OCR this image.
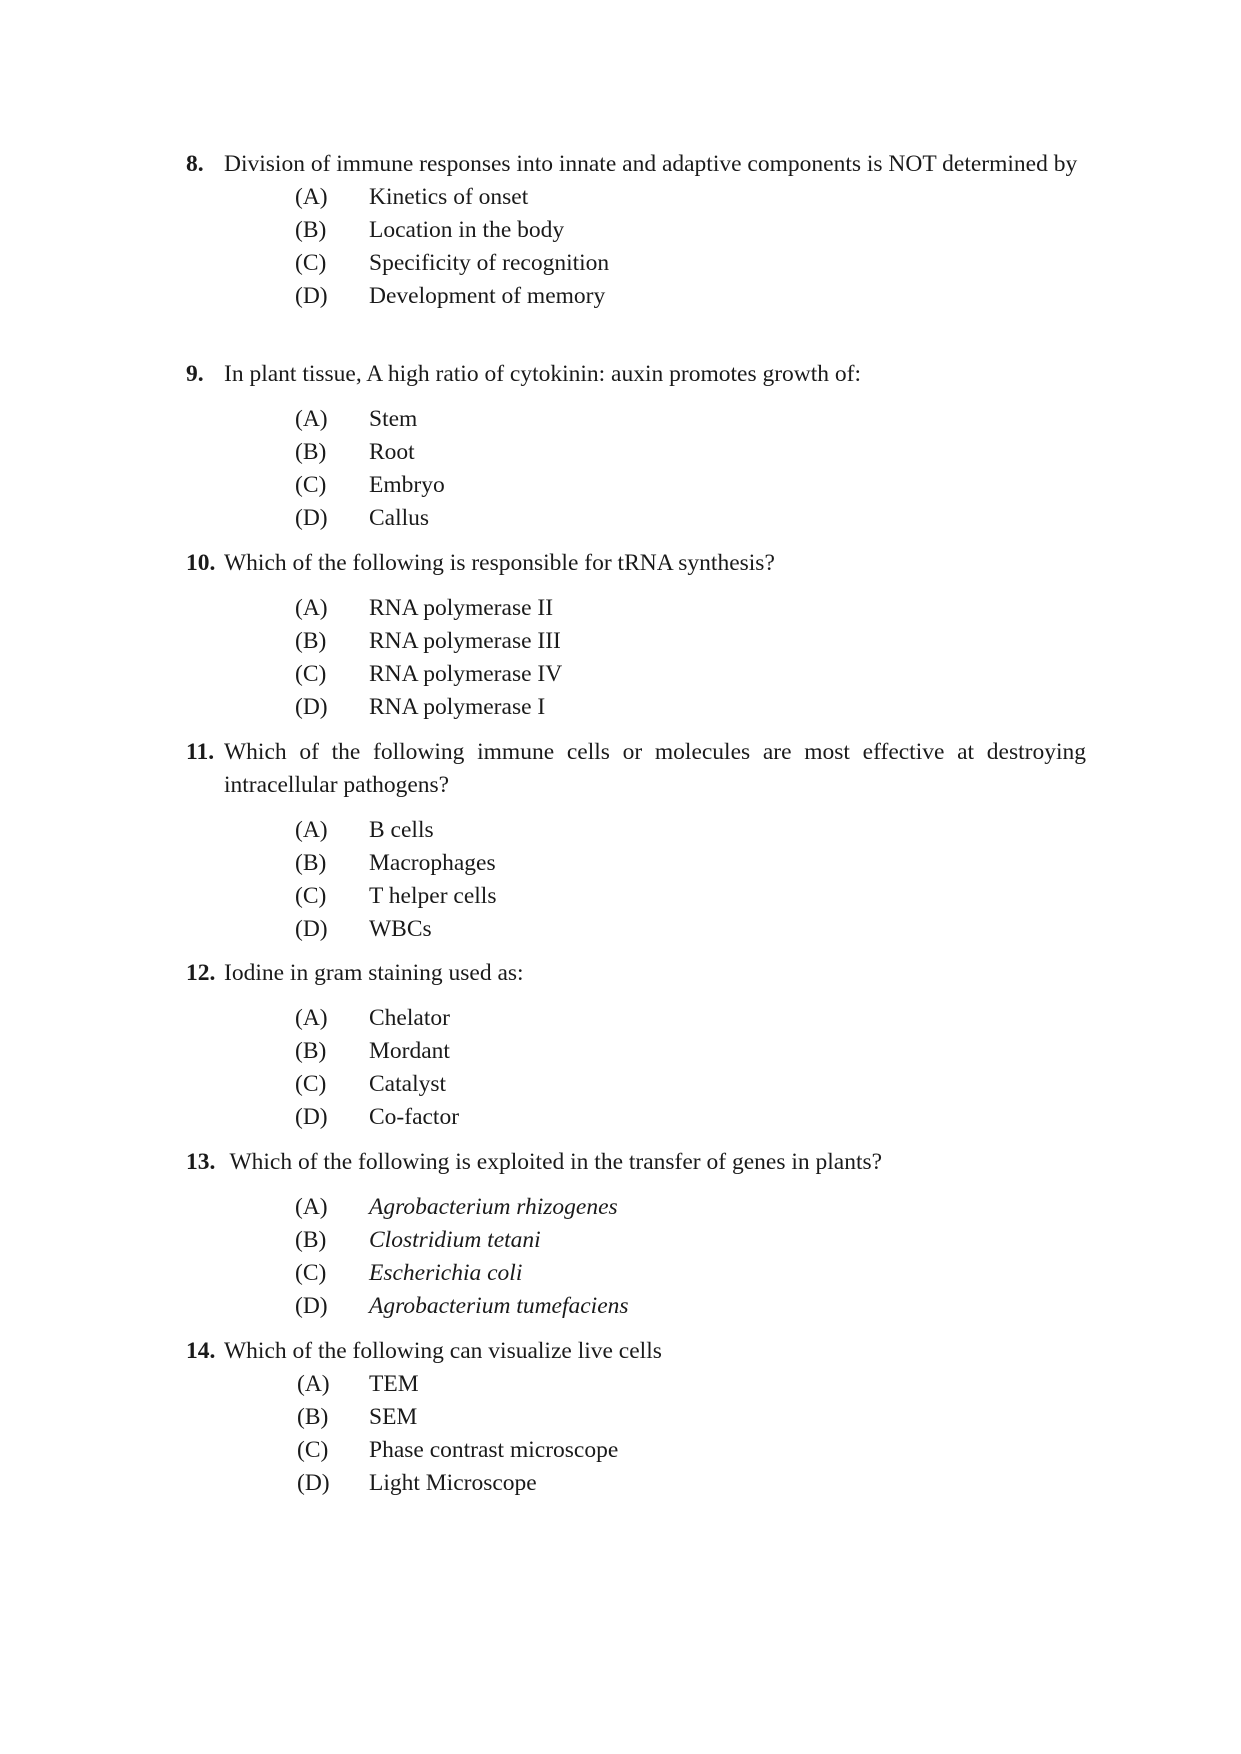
8. Division of immune responses into innate and adaptive components is NOT determined by
(A) Kinetics of onset
(B) Location in the body
(C) Specificity of recognition
(D) Development of memory
9. In plant tissue, A high ratio of cytokinin: auxin promotes growth of:
(A) Stem
(B) Root
(C) Embryo
(D) Callus
10. Which of the following is responsible for tRNA synthesis?
(A) RNA polymerase II
(B) RNA polymerase III
(C) RNA polymerase IV
(D) RNA polymerase I
11. Which of the following immune cells or molecules are most effective at destroying intracellular pathogens?
(A) B cells
(B) Macrophages
(C) T helper cells
(D) WBCs
12. Iodine in gram staining used as:
(A) Chelator
(B) Mordant
(C) Catalyst
(D) Co-factor
13. Which of the following is exploited in the transfer of genes in plants?
(A) Agrobacterium rhizogenes
(B) Clostridium tetani
(C) Escherichia coli
(D) Agrobacterium tumefaciens
14. Which of the following can visualize live cells
(A) TEM
(B) SEM
(C) Phase contrast microscope
(D) Light Microscope
